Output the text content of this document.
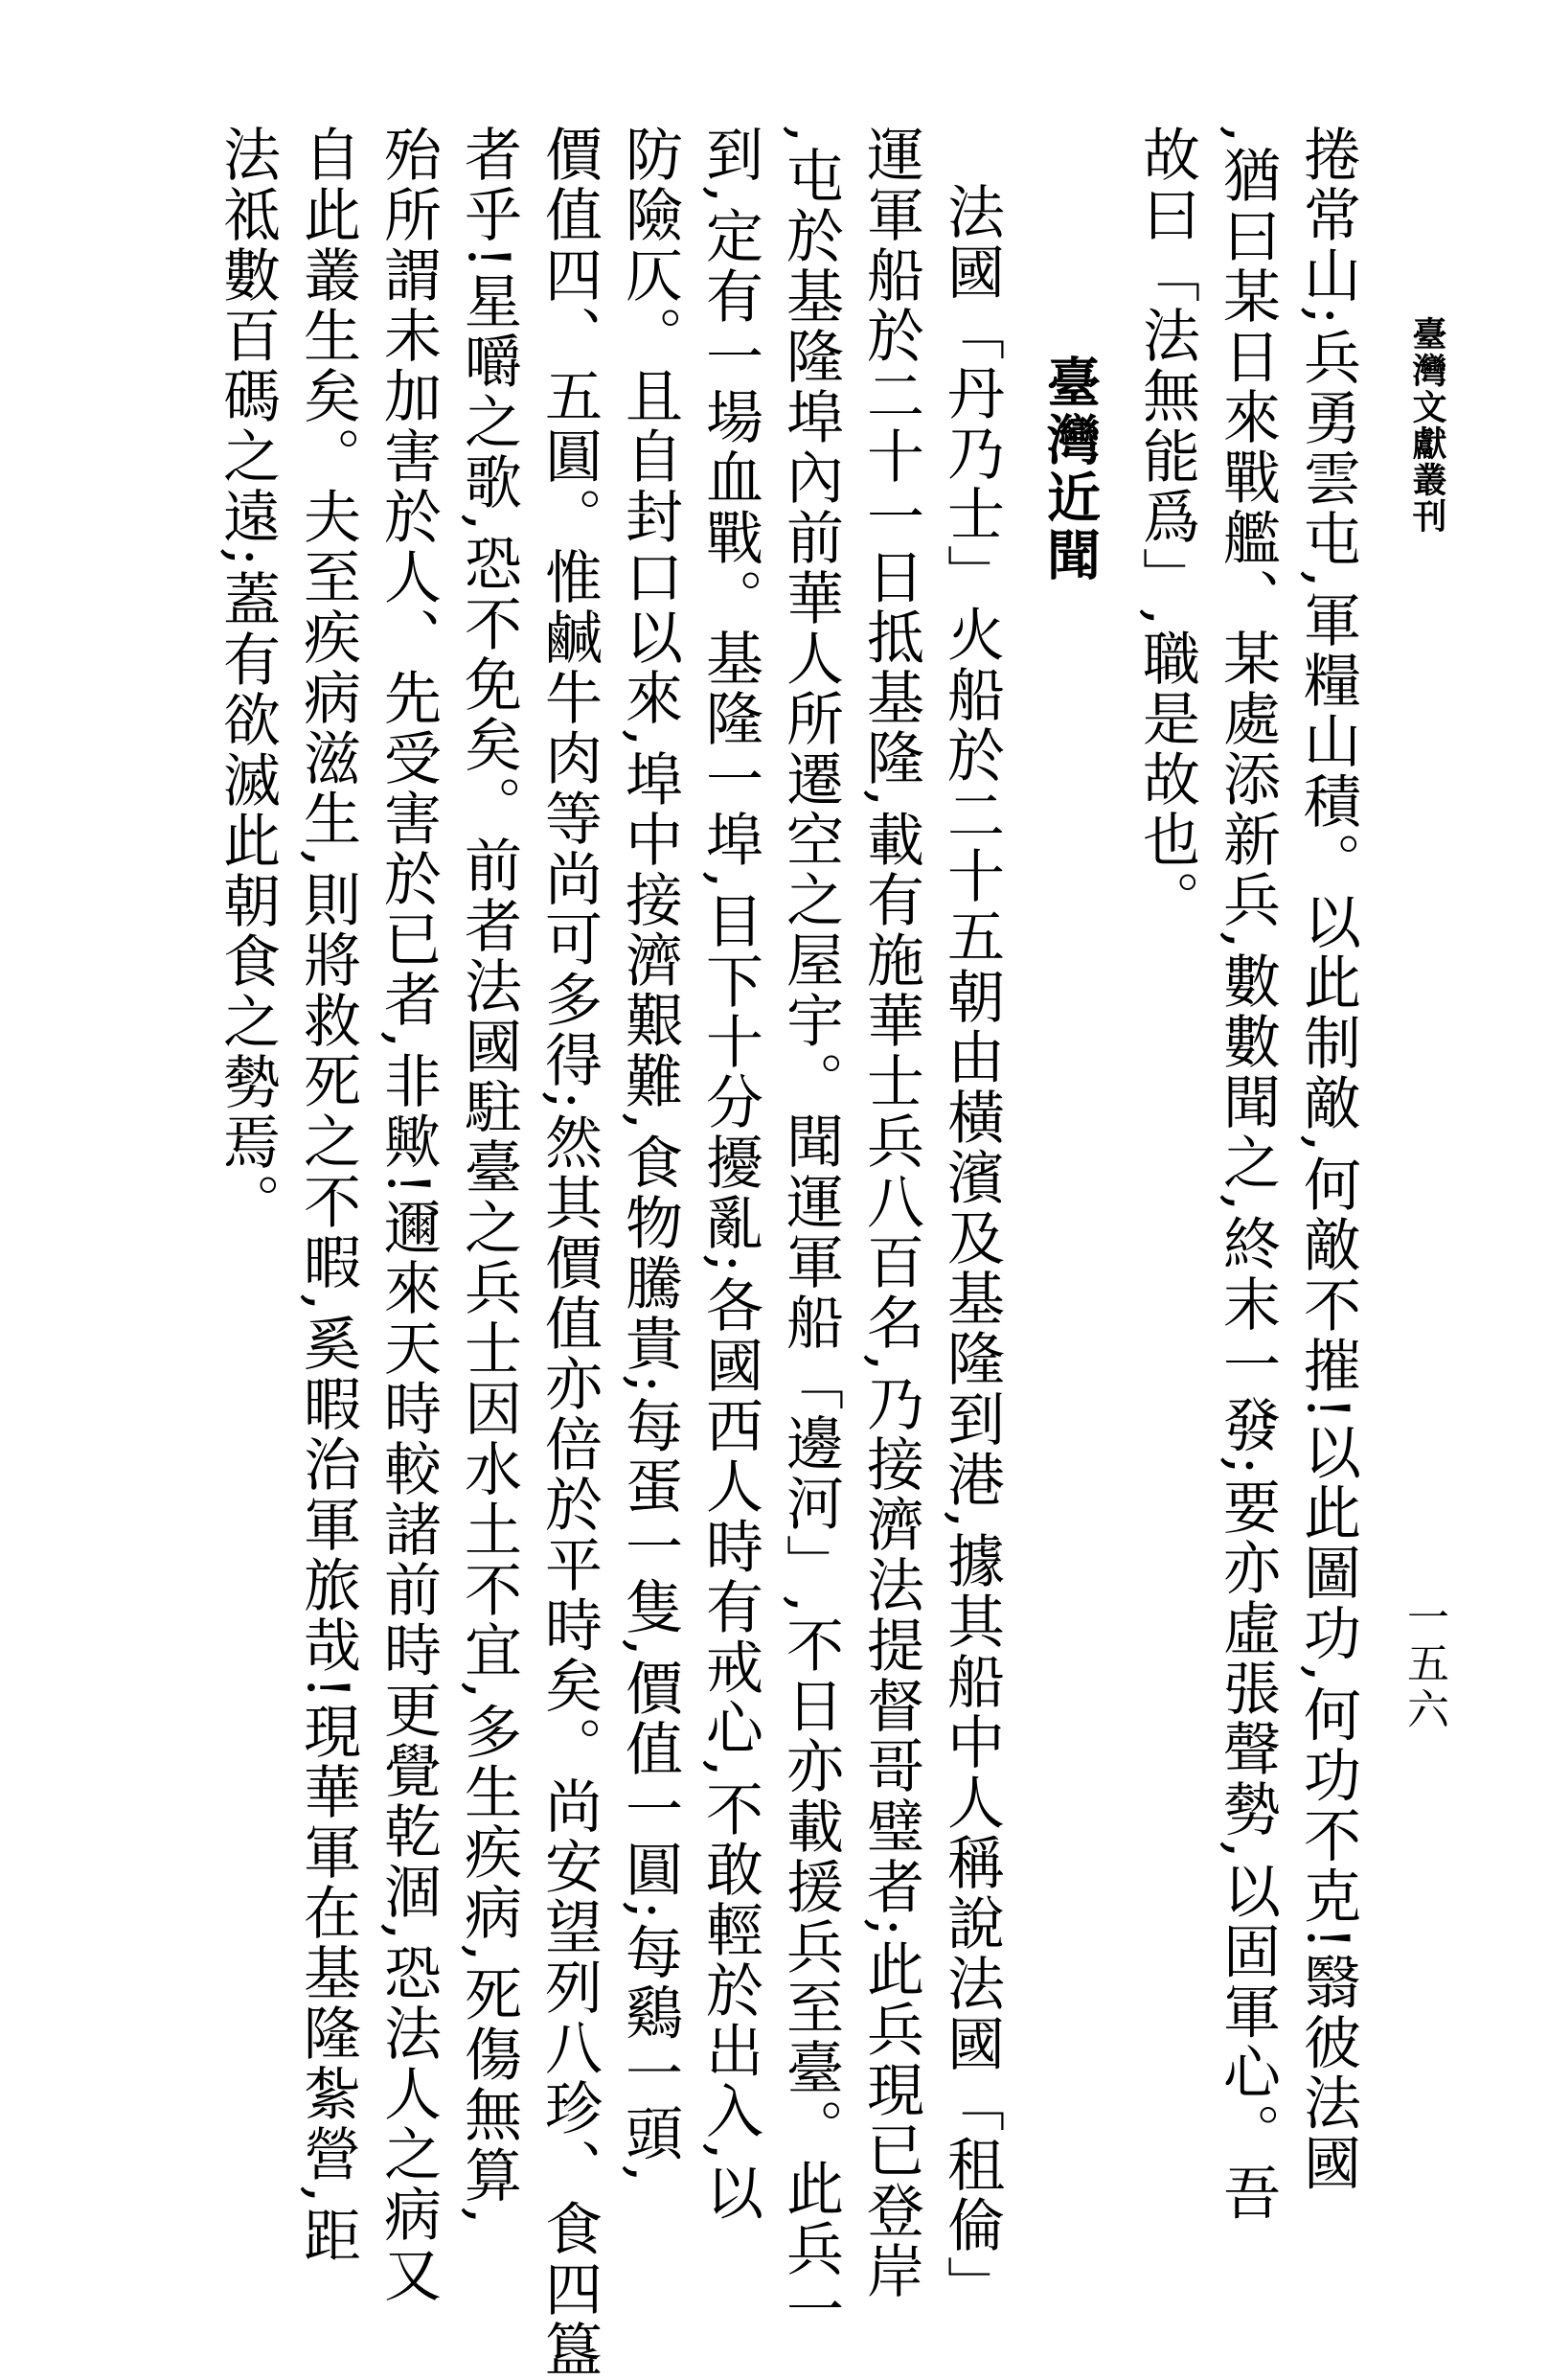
臺灣文獻叢刊
一五六
捲常山;兵勇雲屯,軍糧山積。以此制敵,何敵不摧!以此圖功,何功不克!翳彼法國
,猶曰某日來戰艦、某處添新兵,數數聞之,終末一發;要亦虛張聲勢,以固軍心。吾
故曰「法無能爲」,職是故也。
臺灣近聞
法國「丹乃士」火船於二十五朝由橫濱及基隆到港,據其船中人稱說法國「租倫」
運軍船於二十一日抵基隆,載有施華士兵八百名,乃接濟法提督哥璧者;此兵現已登岸
,屯於基隆埠內前華人所遷空之屋宇。聞運軍船「邊河」,不日亦載援兵至臺。此兵一
到,定有一場血戰。基隆一埠,目下十分擾亂;各國西人時有戒心,不敢輕於出入,以
防險仄。且自封口以來,埠中接濟艱難,食物騰貴;每蛋一隻,價值一圓;每鷄一頭,
價值四、五圓。惟鹹牛肉等尚可多得;然其價值亦倍於平時矣。尚安望列八珍、食四簋
者乎!星嚼之歌,恐不免矣。前者法國駐臺之兵士因水土不宜,多生疾病,死傷無算,
殆所謂未加害於人、先受害於已者,非歟!邇來天時較諸前時更覺乾涸,恐法人之病又
自此叢生矣。夫至疾病滋生,則將救死之不暇,奚暇治軍旅哉!現華軍在基隆紮營,距
法祗數百碼之遠;蓋有欲滅此朝食之勢焉。
